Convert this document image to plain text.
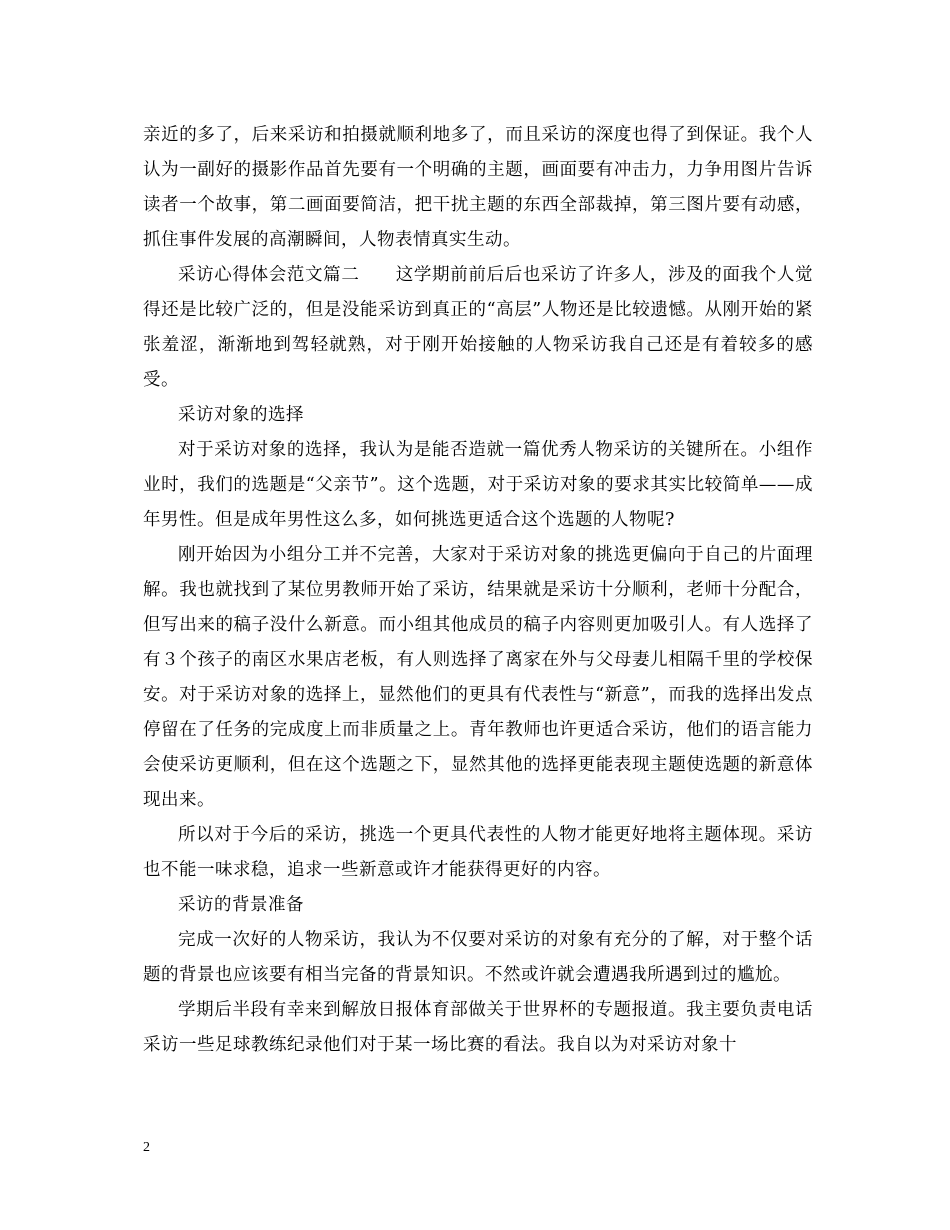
亲近的多了，后来采访和拍摄就顺利地多了，而且采访的深度也得了到保证。我个人认为一副好的摄影作品首先要有一个明确的主题，画面要有冲击力，力争用图片告诉读者一个故事，第二画面要简洁，把干扰主题的东西全部裁掉，第三图片要有动感，抓住事件发展的高潮瞬间，人物表情真实生动。

采访心得体会范文篇二　　这学期前前后后也采访了许多人，涉及的面我个人觉得还是比较广泛的，但是没能采访到真正的“高层”人物还是比较遗憾。从刚开始的紧张羞涩，渐渐地到驾轻就熟，对于刚开始接触的人物采访我自己还是有着较多的感受。

采访对象的选择

对于采访对象的选择，我认为是能否造就一篇优秀人物采访的关键所在。小组作业时，我们的选题是“父亲节”。这个选题，对于采访对象的要求其实比较简单——成年男性。但是成年男性这么多，如何挑选更适合这个选题的人物呢?

刚开始因为小组分工并不完善，大家对于采访对象的挑选更偏向于自己的片面理解。我也就找到了某位男教师开始了采访，结果就是采访十分顺利，老师十分配合，但写出来的稿子没什么新意。而小组其他成员的稿子内容则更加吸引人。有人选择了有３个孩子的南区水果店老板，有人则选择了离家在外与父母妻儿相隔千里的学校保安。对于采访对象的选择上，显然他们的更具有代表性与“新意”，而我的选择出发点停留在了任务的完成度上而非质量之上。青年教师也许更适合采访，他们的语言能力会使采访更顺利，但在这个选题之下，显然其他的选择更能表现主题使选题的新意体现出来。

所以对于今后的采访，挑选一个更具代表性的人物才能更好地将主题体现。采访也不能一味求稳，追求一些新意或许才能获得更好的内容。

采访的背景准备

完成一次好的人物采访，我认为不仅要对采访的对象有充分的了解，对于整个话题的背景也应该要有相当完备的背景知识。不然或许就会遭遇我所遇到过的尴尬。

学期后半段有幸来到解放日报体育部做关于世界杯的专题报道。我主要负责电话采访一些足球教练纪录他们对于某一场比赛的看法。我自以为对采访对象十

2
